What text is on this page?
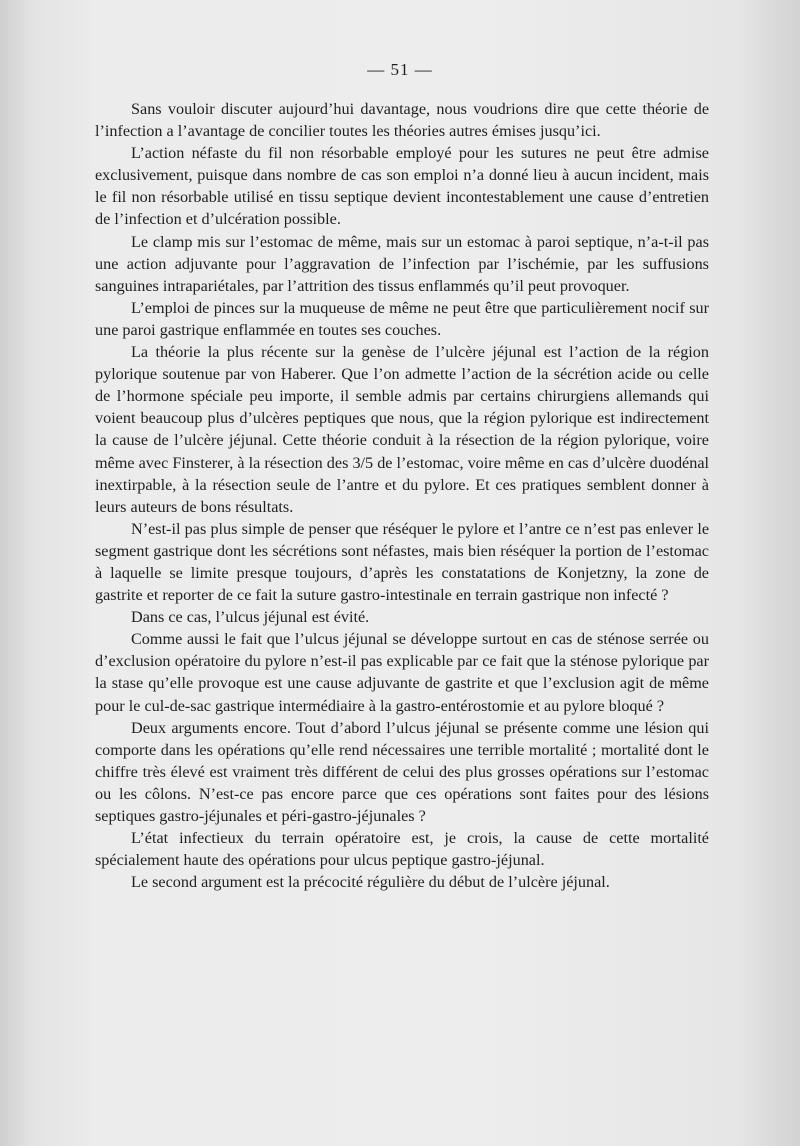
— 51 —

Sans vouloir discuter aujourd’hui davantage, nous voudrions dire que cette théorie de l’infection a l’avantage de concilier toutes les théories autres émises jusqu’ici.

L’action néfaste du fil non résorbable employé pour les sutures ne peut être admise exclusivement, puisque dans nombre de cas son emploi n’a donné lieu à aucun incident, mais le fil non résorbable utilisé en tissu septique devient incontestablement une cause d’entretien de l’infection et d’ulcération possible.

Le clamp mis sur l’estomac de même, mais sur un estomac à paroi septique, n’a-t-il pas une action adjuvante pour l’aggravation de l’infection par l’ischémie, par les suffusions sanguines intrapariétales, par l’attrition des tissus enflammés qu’il peut provoquer.

L’emploi de pinces sur la muqueuse de même ne peut être que particulièrement nocif sur une paroi gastrique enflammée en toutes ses couches.

La théorie la plus récente sur la genèse de l’ulcère jéjunal est l’action de la région pylorique soutenue par von Haberer. Que l’on admette l’action de la sécrétion acide ou celle de l’hormone spéciale peu importe, il semble admis par certains chirurgiens allemands qui voient beaucoup plus d’ulcères peptiques que nous, que la région pylorique est indirectement la cause de l’ulcère jéjunal. Cette théorie conduit à la résection de la région pylorique, voire même avec Finsterer, à la résection des 3/5 de l’estomac, voire même en cas d’ulcère duodénal inextirpable, à la résection seule de l’antre et du pylore. Et ces pratiques semblent donner à leurs auteurs de bons résultats.

N’est-il pas plus simple de penser que réséquer le pylore et l’antre ce n’est pas enlever le segment gastrique dont les sécrétions sont néfastes, mais bien réséquer la portion de l’estomac à laquelle se limite presque toujours, d’après les constatations de Konjetzny, la zone de gastrite et reporter de ce fait la suture gastro-intestinale en terrain gastrique non infecté ?

Dans ce cas, l’ulcus jéjunal est évité.

Comme aussi le fait que l’ulcus jéjunal se développe surtout en cas de sténose serrée ou d’exclusion opératoire du pylore n’est-il pas explicable par ce fait que la sténose pylorique par la stase qu’elle provoque est une cause adjuvante de gastrite et que l’exclusion agit de même pour le cul-de-sac gastrique intermédiaire à la gastro-entérostomie et au pylore bloqué ?

Deux arguments encore. Tout d’abord l’ulcus jéjunal se présente comme une lésion qui comporte dans les opérations qu’elle rend nécessaires une terrible mortalité ; mortalité dont le chiffre très élevé est vraiment très différent de celui des plus grosses opérations sur l’estomac ou les côlons. N’est-ce pas encore parce que ces opérations sont faites pour des lésions septiques gastro-jéjunales et péri-gastro-jéjunales ?

L’état infectieux du terrain opératoire est, je crois, la cause de cette mortalité spécialement haute des opérations pour ulcus peptique gastro-jéjunal.

Le second argument est la précocité régulière du début de l’ulcère jéjunal.
